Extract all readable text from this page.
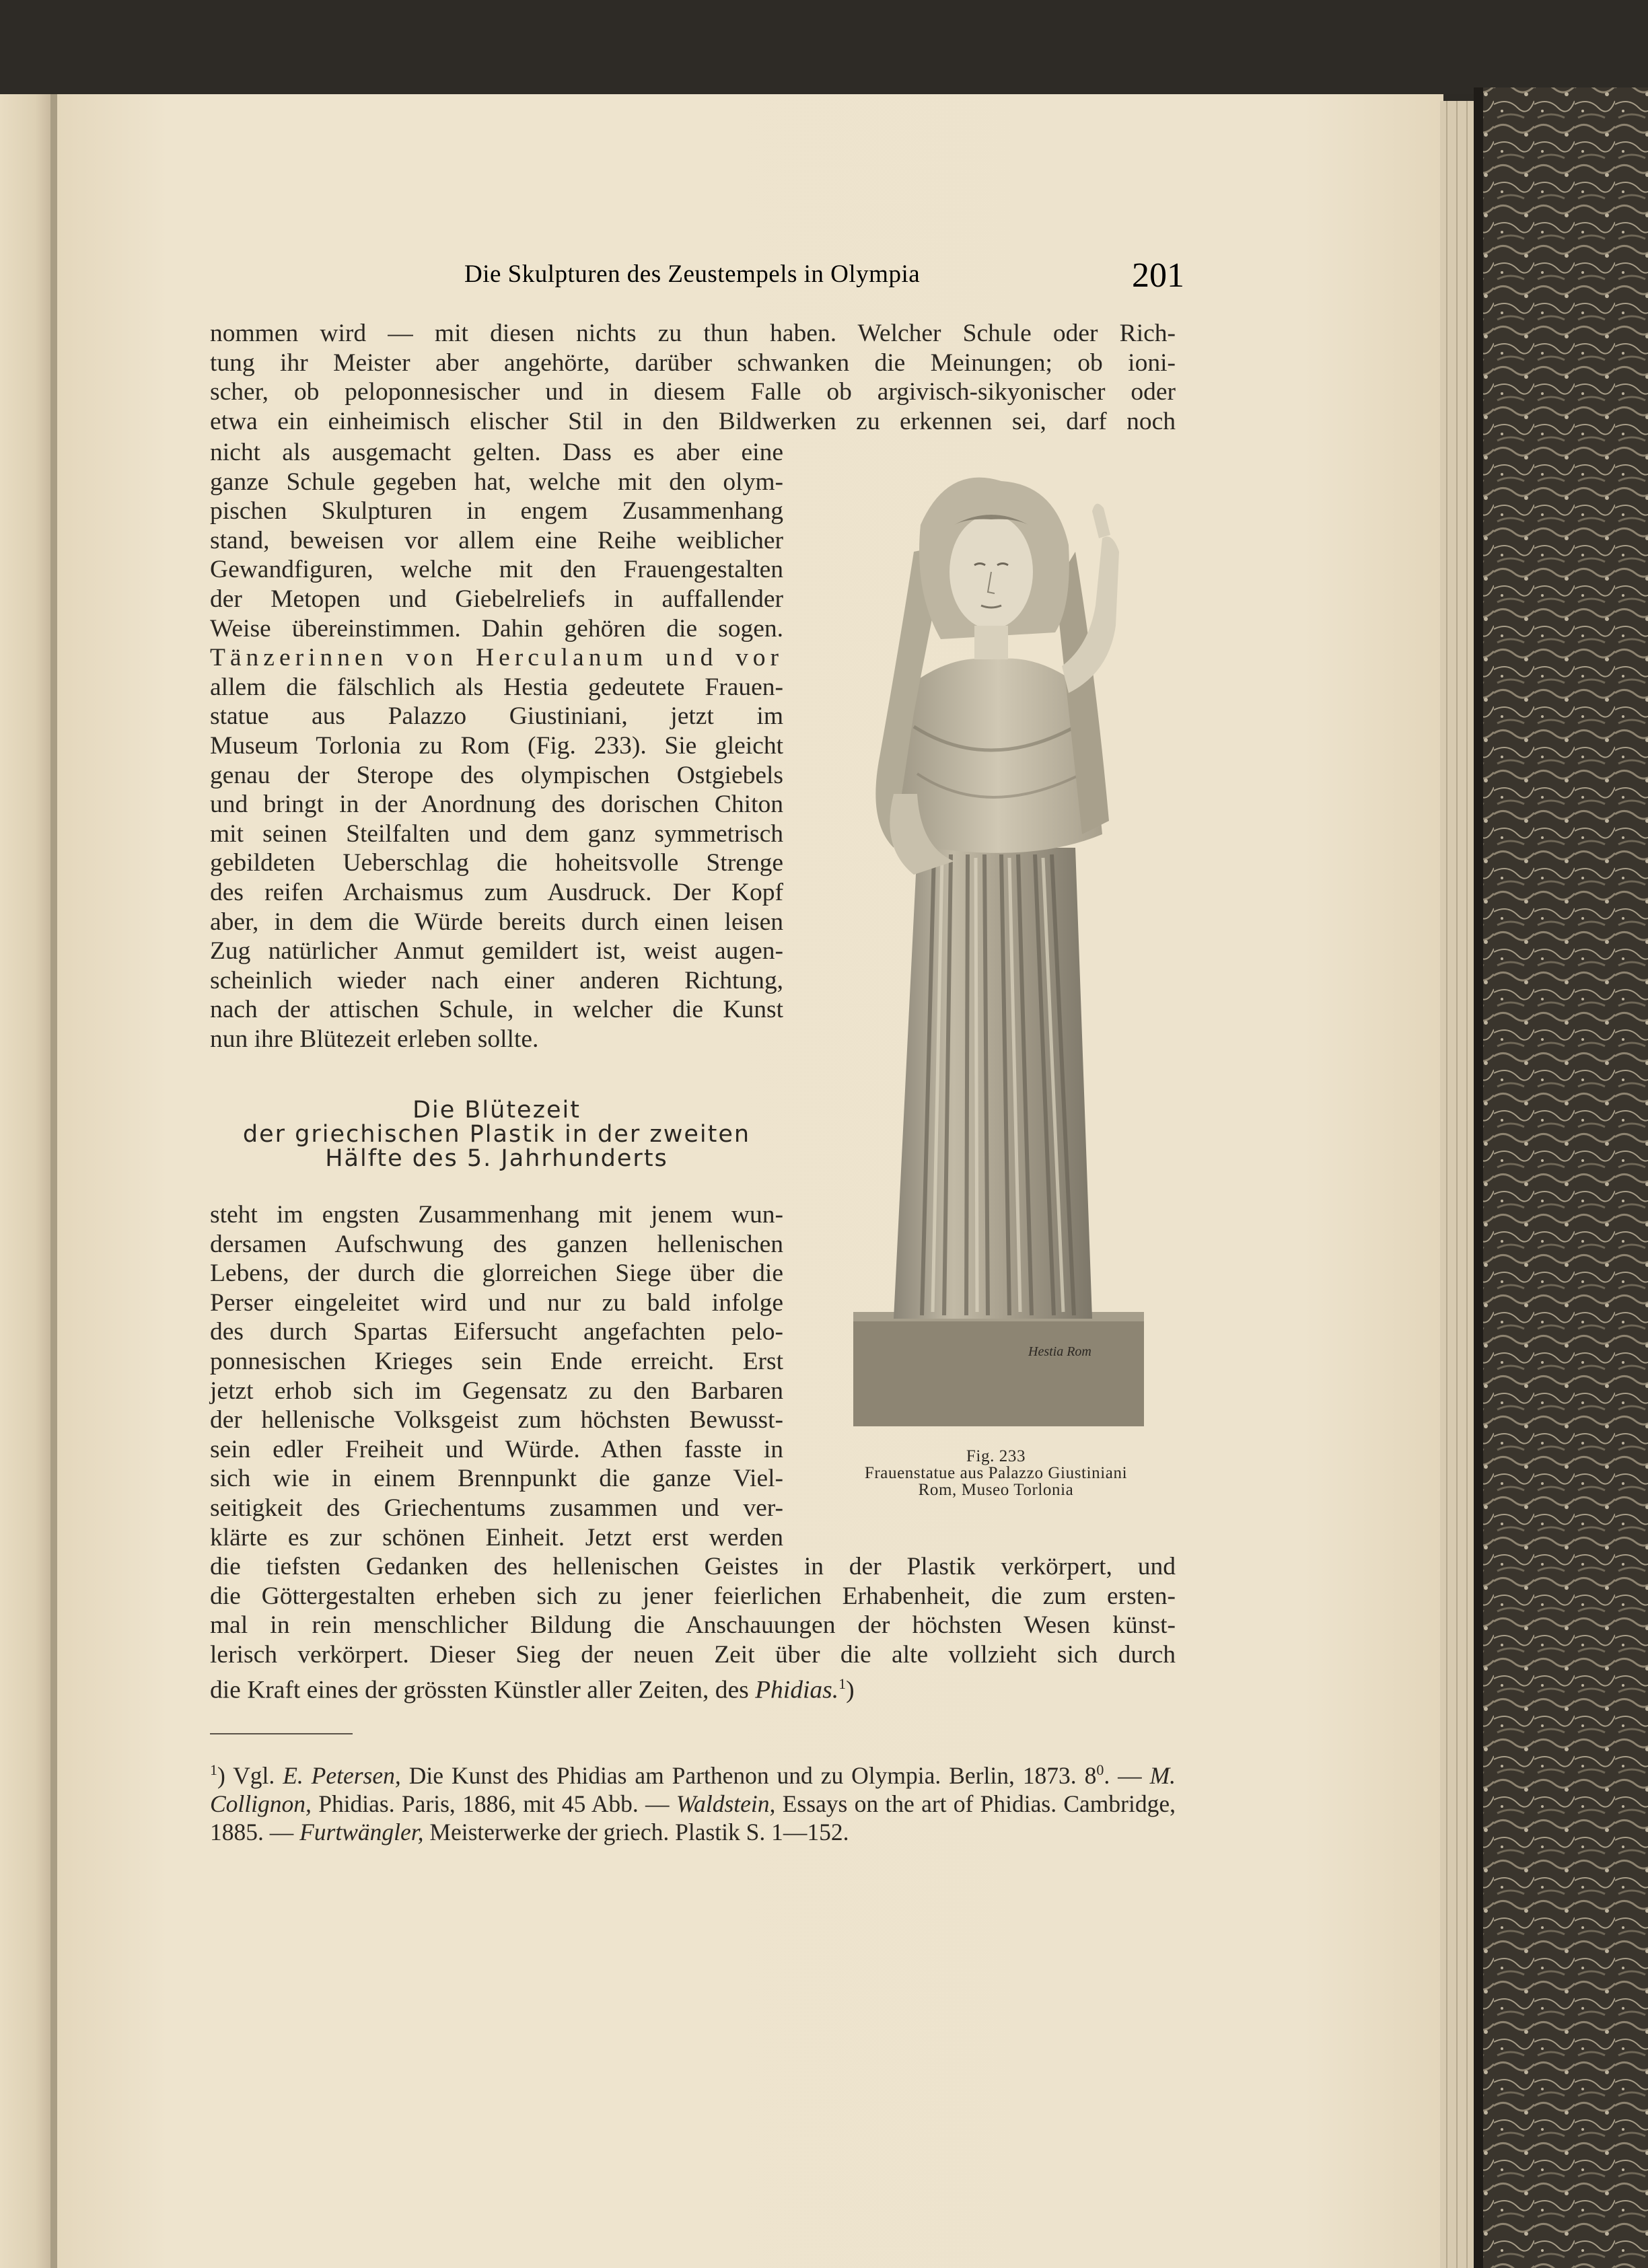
Die Skulpturen des Zeustempels in Olympia	201

nommen wird — mit diesen nichts zu thun haben. Welcher Schule oder Rich-

tung ihr Meister aber angehörte, darüber schwanken die Meinungen; ob ioni-

scher, ob peloponnesischer und in diesem Falle ob argivisch-sikyonischer oder

etwa ein einheimisch elischer Stil in den Bildwerken zu erkennen sei, darf noch

nicht als ausgemacht gelten. Dass es aber eine

ganze Schule gegeben hat, welche mit den olym-

pischen Skulpturen in engem Zusammenhang

stand, beweisen vor allem eine Reihe weiblicher

Gewandfiguren, welche mit den Frauengestalten

der Metopen und Giebelreliefs in auffallender

Weise übereinstimmen. Dahin gehören die sogen.

Tänzerinnen von Herculanum und vor

allem die fälschlich als Hestia gedeutete Frauen-

statue aus Palazzo Giustiniani, jetzt im

Museum Torlonia zu Rom (Fig. 233). Sie gleicht

genau der Sterope des olympischen Ostgiebels

und bringt in der Anordnung des dorischen Chiton

mit seinen Steilfalten und dem ganz symmetrisch

gebildeten Ueberschlag die hoheitsvolle Strenge

des reifen Archaismus zum Ausdruck. Der Kopf

aber, in dem die Würde bereits durch einen leisen

Zug natürlicher Anmut gemildert ist, weist augen-

scheinlich wieder nach einer anderen Richtung,

nach der attischen Schule, in welcher die Kunst

nun ihre Blütezeit erleben sollte.

Die Blütezeit
der griechischen Plastik in der zweiten
Hälfte des 5. Jahrhunderts

steht im engsten Zusammenhang mit jenem wun-

dersamen Aufschwung des ganzen hellenischen

Lebens, der durch die glorreichen Siege über die

Perser eingeleitet wird und nur zu bald infolge

des durch Spartas Eifersucht angefachten pelo-

ponnesischen Krieges sein Ende erreicht. Erst

jetzt erhob sich im Gegensatz zu den Barbaren

der hellenische Volksgeist zum höchsten Bewusst-

sein edler Freiheit und Würde. Athen fasste in

sich wie in einem Brennpunkt die ganze Viel-

seitigkeit des Griechentums zusammen und ver-

klärte es zur schönen Einheit. Jetzt erst werden

die tiefsten Gedanken des hellenischen Geistes in der Plastik verkörpert, und

die Göttergestalten erheben sich zu jener feierlichen Erhabenheit, die zum ersten-

mal in rein menschlicher Bildung die Anschauungen der höchsten Wesen künst-

lerisch verkörpert. Dieser Sieg der neuen Zeit über die alte vollzieht sich durch

die Kraft eines der grössten Künstler aller Zeiten, des Phidias.$^1$)

Hestia Rom
Fig. 233
Frauenstatue aus Palazzo Giustiniani
Rom, Museo Torlonia

$^1$) Vgl. E. Petersen, Die Kunst des Phidias am Parthenon und zu Olympia. Berlin, 1873. $8^0$. — M. Collignon, Phidias. Paris, 1886, mit 45 Abb. — Waldstein, Essays on the art of Phidias. Cambridge, 1885. — Furtwängler, Meisterwerke der griech. Plastik S. 1—152.
